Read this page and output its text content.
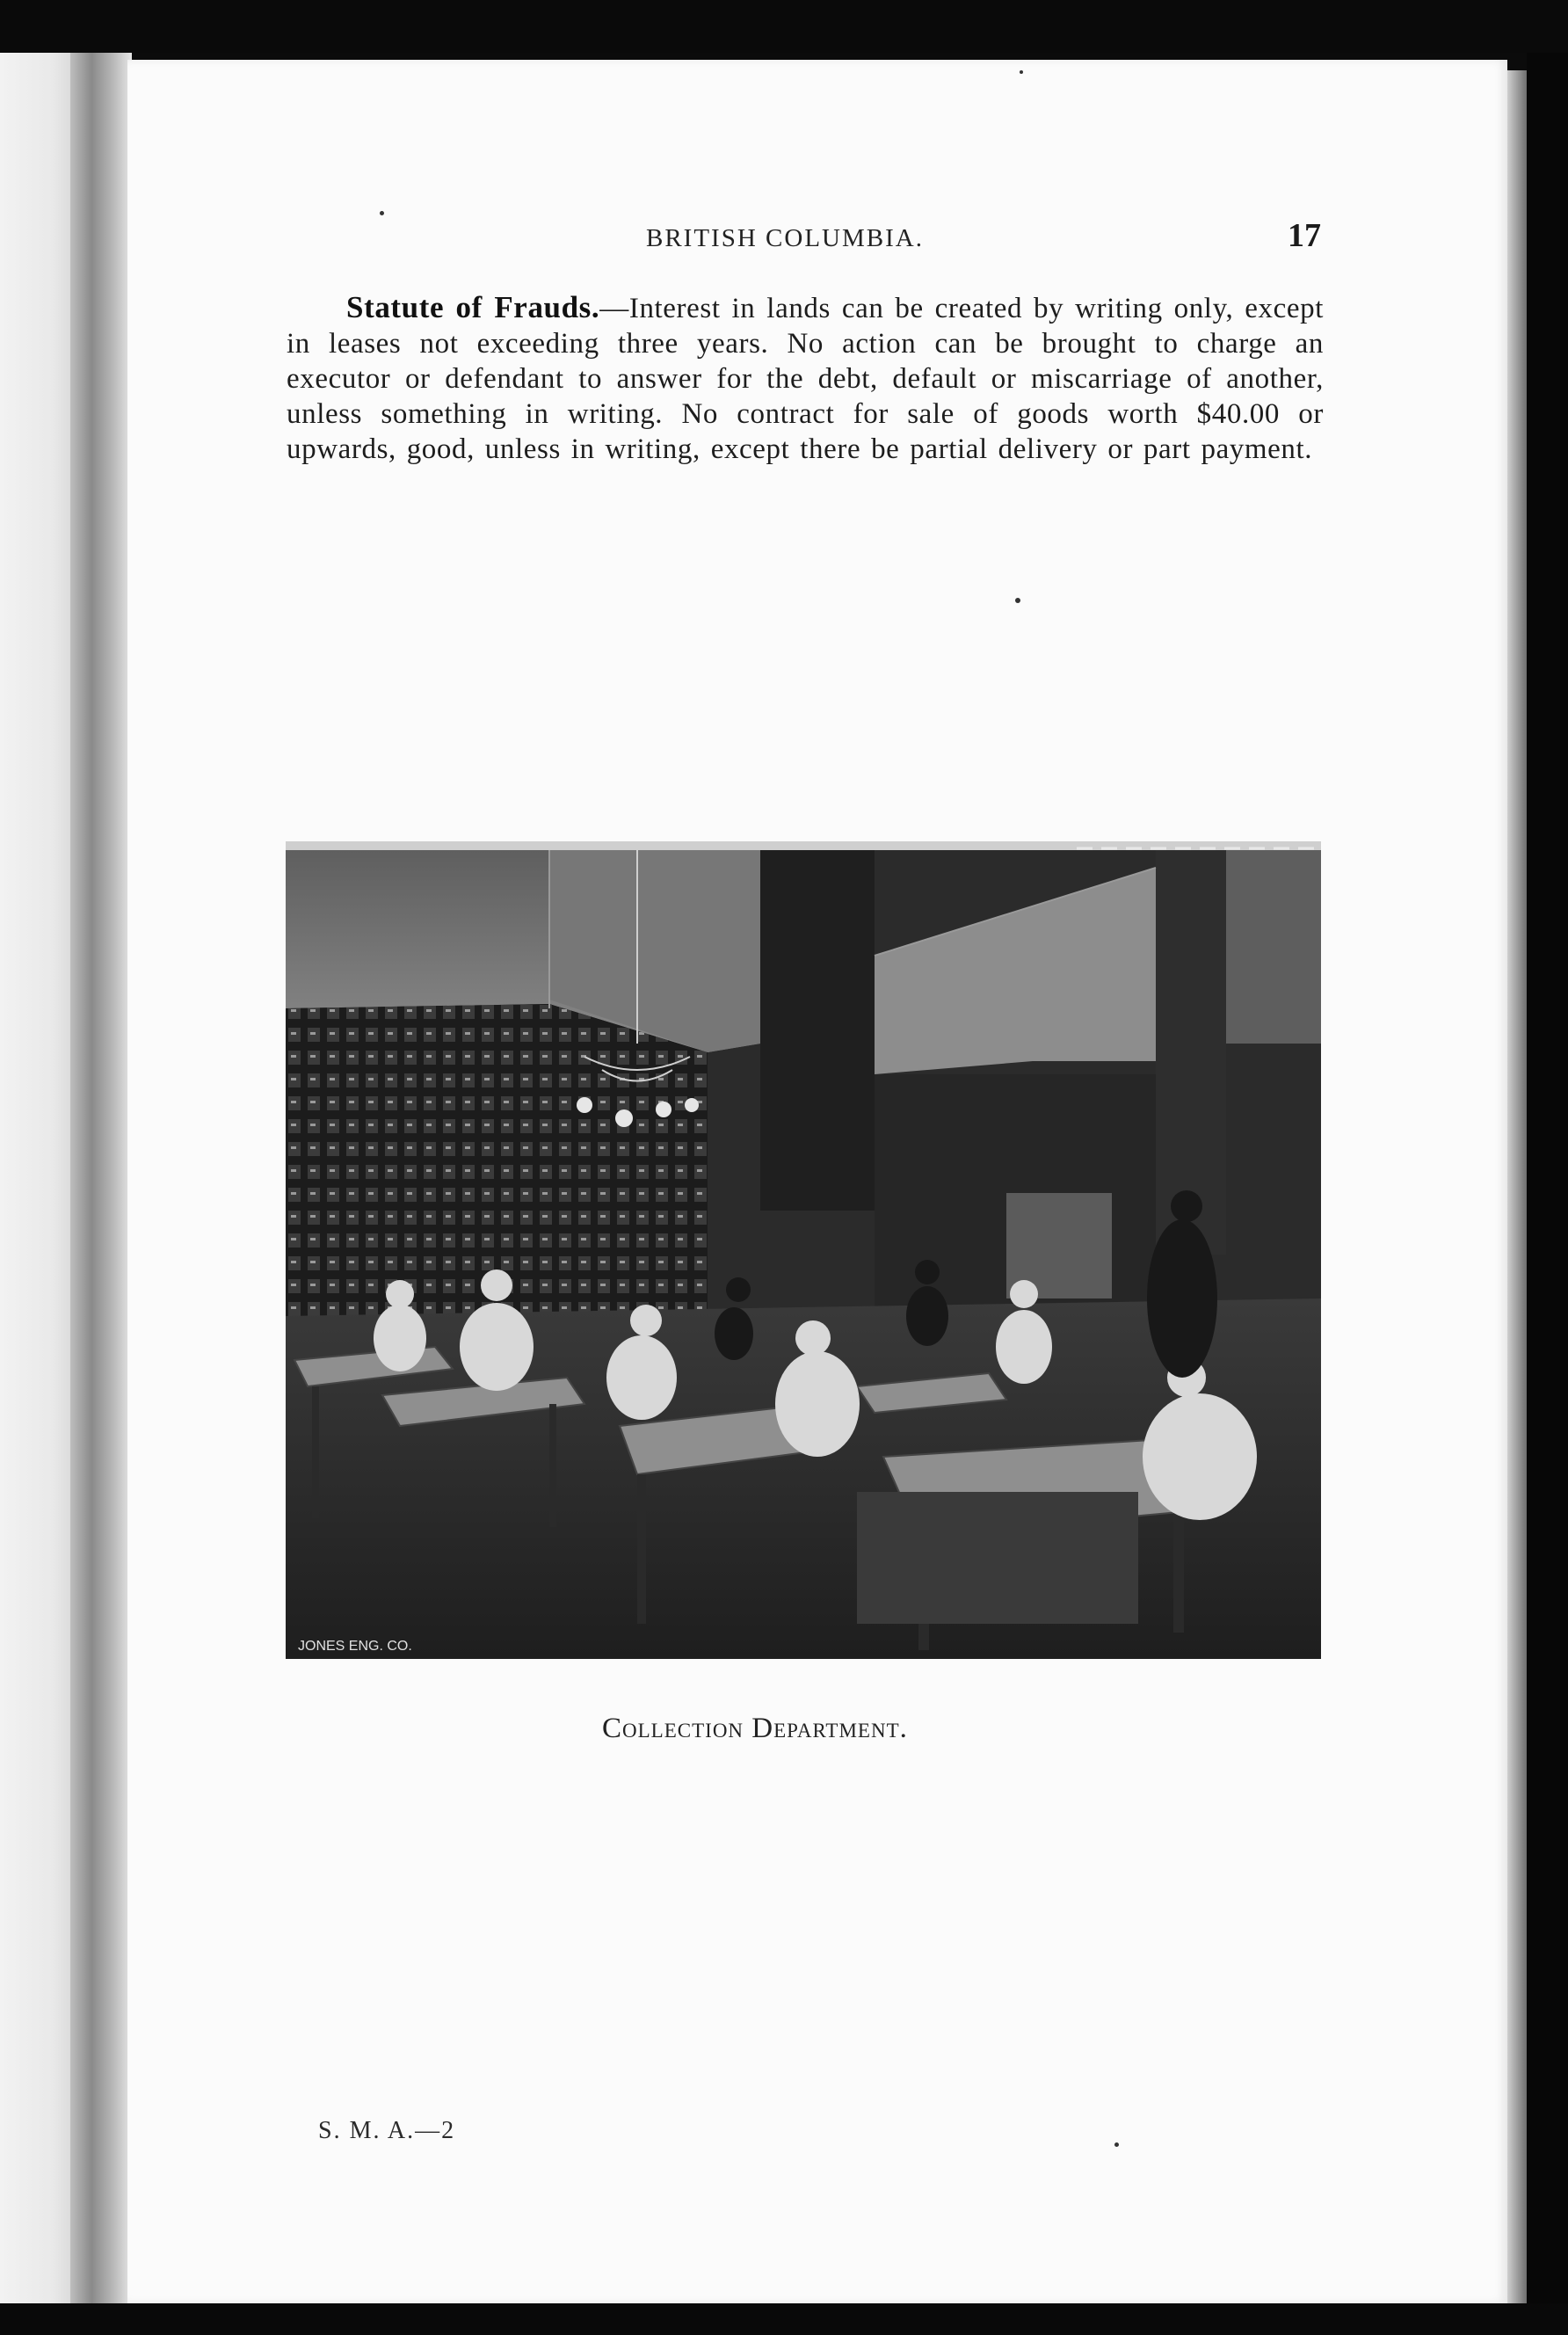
BRITISH COLUMBIA.	17
Statute of Frauds.—Interest in lands can be created by writing only, except in leases not exceeding three years. No action can be brought to charge an executor or defendant to answer for the debt, default or miscarriage of another, unless something in writing. No contract for sale of goods worth $40.00 or upwards, good, unless in writing, except there be partial delivery or part payment.
JONES ENG. CO.
Collection Department.
S. M. A.—2
